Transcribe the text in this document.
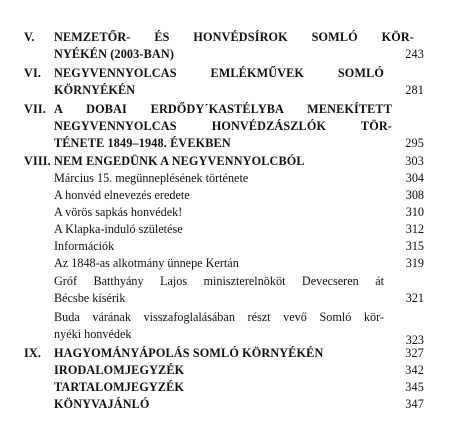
V.	NEMZETŐR- ÉS HONVÉDSÍROK SOMLÓ KÖR-
NYÉKÉN (2003-BAN)	243
VI.	NEGYVENNYOLCAS EMLÉKMŰVEK SOMLÓ
KÖRNYÉKÉN	281
VII. A DOBAI ERDŐDY´KASTÉLYBA MENEKÍTETT
NEGYVENNYOLCAS HONVÉDZÁSZLÓK TÖR-
TÉNETE 1849–1948. ÉVEKBEN	295
VIII. NEM ENGEDÜNK A NEGYVENNYOLCBÓL	303
Március 15. megünneplésének története	304
A honvéd elnevezés eredete	308
A vörös sapkás honvédek!	310
A Klapka-induló születése	312
Információk	315
Az 1848-as alkotmány ünnepe Kertán	319
Gróf Batthyány Lajos miniszterelnököt Devecseren át
Bécsbe kísérik	321
Buda várának visszafoglalásában részt vevő Somló kör-
nyéki honvédek	323
IX.	HAGYOMÁNYÁPOLÁS SOMLÓ KÖRNYÉKÉN	327
IRODALOMJEGYZÉK	342
TARTALOMJEGYZÉK	345
KÖNYVAJÁNLÓ	347
